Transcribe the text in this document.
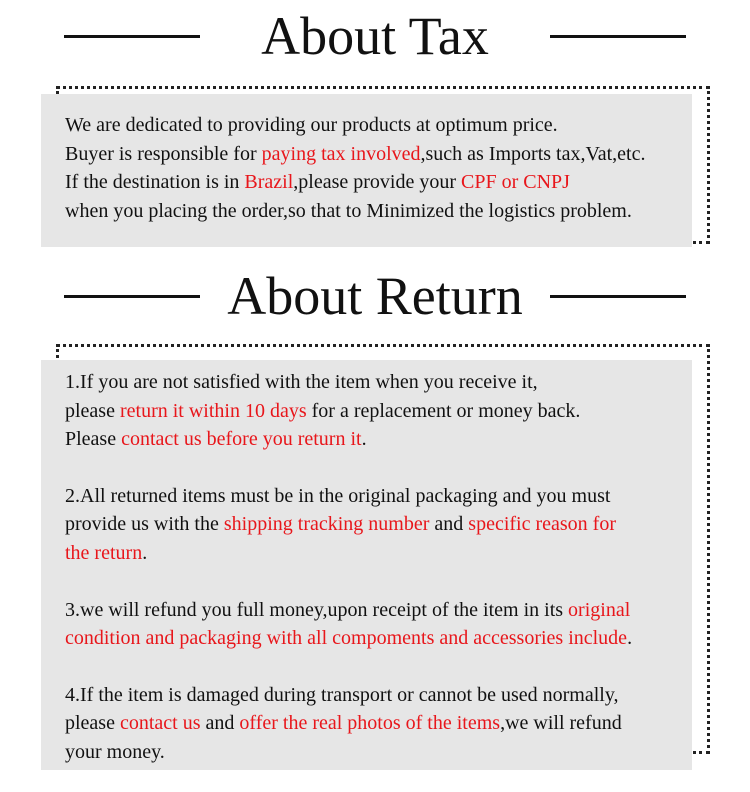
About Tax
We are dedicated to providing our products at optimum price.
Buyer is responsible for paying tax involved,such as Imports tax,Vat,etc.
If the destination is in Brazil,please provide your CPF or CNPJ
when you placing the order,so that to Minimized the logistics problem.
About Return
1.If you are not satisfied with the item when you receive it,
please return it within 10 days for a replacement or money back.
Please contact us before you return it.
2.All returned items must be in the original packaging and you must
provide us with the shipping tracking number and specific reason for
the return.
3.we will refund you full money,upon receipt of the item in its original
condition and packaging with all compoments and accessories include.
4.If the item is damaged during transport or cannot be used normally,
please contact us and offer the real photos of the items,we will refund
your money.
